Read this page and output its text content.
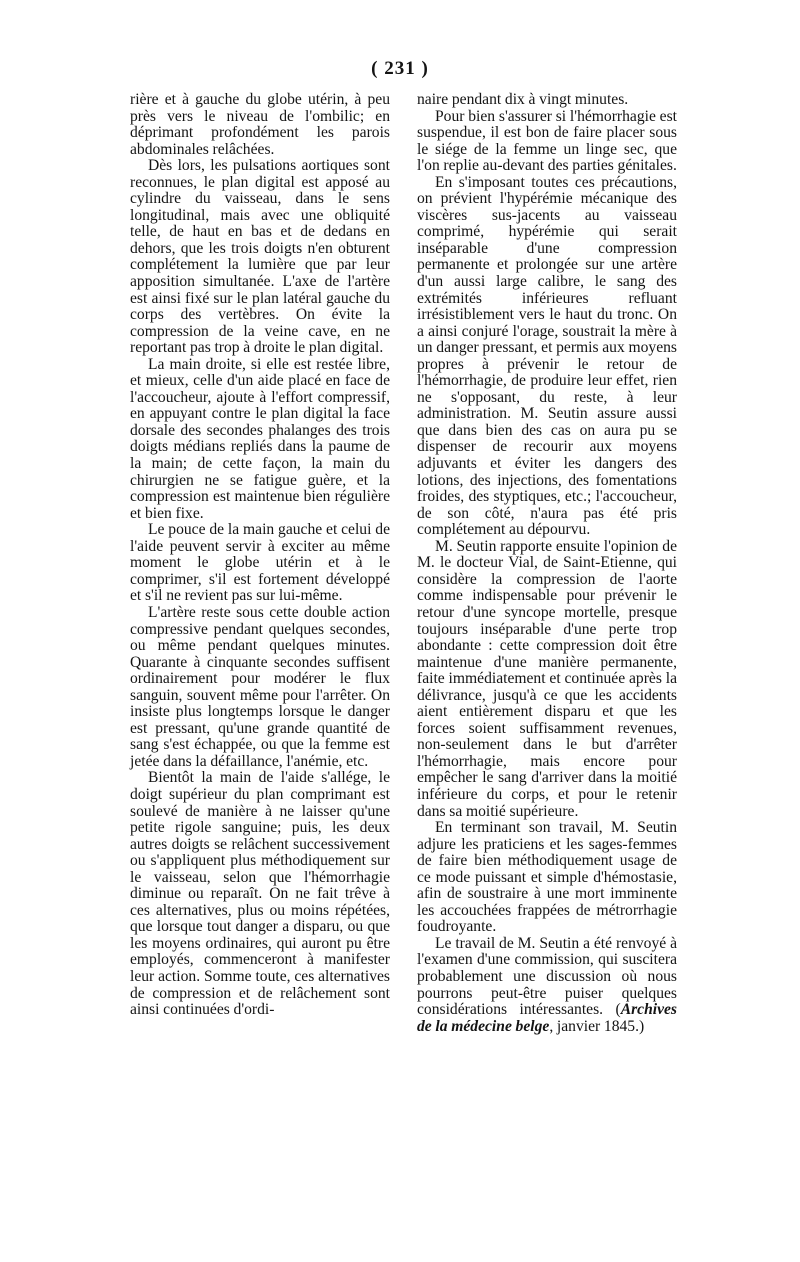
( 231 )

rière et à gauche du globe utérin, à peu près vers le niveau de l'ombilic; en déprimant profondément les parois abdominales relâchées.

Dès lors, les pulsations aortiques sont reconnues, le plan digital est apposé au cylindre du vaisseau, dans le sens longitudinal, mais avec une obliquité telle, de haut en bas et de dedans en dehors, que les trois doigts n'en obturent complétement la lumière que par leur apposition simultanée. L'axe de l'artère est ainsi fixé sur le plan latéral gauche du corps des vertèbres. On évite la compression de la veine cave, en ne reportant pas trop à droite le plan digital.

La main droite, si elle est restée libre, et mieux, celle d'un aide placé en face de l'accoucheur, ajoute à l'effort compressif, en appuyant contre le plan digital la face dorsale des secondes phalanges des trois doigts médians repliés dans la paume de la main; de cette façon, la main du chirurgien ne se fatigue guère, et la compression est maintenue bien régulière et bien fixe.

Le pouce de la main gauche et celui de l'aide peuvent servir à exciter au même moment le globe utérin et à le comprimer, s'il est fortement développé et s'il ne revient pas sur lui-même.

L'artère reste sous cette double action compressive pendant quelques secondes, ou même pendant quelques minutes. Quarante à cinquante secondes suffisent ordinairement pour modérer le flux sanguin, souvent même pour l'arrêter. On insiste plus longtemps lorsque le danger est pressant, qu'une grande quantité de sang s'est échappée, ou que la femme est jetée dans la défaillance, l'anémie, etc.

Bientôt la main de l'aide s'allége, le doigt supérieur du plan comprimant est soulevé de manière à ne laisser qu'une petite rigole sanguine; puis, les deux autres doigts se relâchent successivement ou s'appliquent plus méthodiquement sur le vaisseau, selon que l'hémorrhagie diminue ou reparaît. On ne fait trêve à ces alternatives, plus ou moins répétées, que lorsque tout danger a disparu, ou que les moyens ordinaires, qui auront pu être employés, commenceront à manifester leur action. Somme toute, ces alternatives de compression et de relâchement sont ainsi continuées d'ordi-

naire pendant dix à vingt minutes.

Pour bien s'assurer si l'hémorrhagie est suspendue, il est bon de faire placer sous le siége de la femme un linge sec, que l'on replie au-devant des parties génitales.

En s'imposant toutes ces précautions, on prévient l'hypérémie mécanique des viscères sus-jacents au vaisseau comprimé, hypérémie qui serait inséparable d'une compression permanente et prolongée sur une artère d'un aussi large calibre, le sang des extrémités inférieures refluant irrésistiblement vers le haut du tronc. On a ainsi conjuré l'orage, soustrait la mère à un danger pressant, et permis aux moyens propres à prévenir le retour de l'hémorrhagie, de produire leur effet, rien ne s'opposant, du reste, à leur administration. M. Seutin assure aussi que dans bien des cas on aura pu se dispenser de recourir aux moyens adjuvants et éviter les dangers des lotions, des injections, des fomentations froides, des styptiques, etc.; l'accoucheur, de son côté, n'aura pas été pris complétement au dépourvu.

M. Seutin rapporte ensuite l'opinion de M. le docteur Vial, de Saint-Etienne, qui considère la compression de l'aorte comme indispensable pour prévenir le retour d'une syncope mortelle, presque toujours inséparable d'une perte trop abondante : cette compression doit être maintenue d'une manière permanente, faite immédiatement et continuée après la délivrance, jusqu'à ce que les accidents aient entièrement disparu et que les forces soient suffisamment revenues, non-seulement dans le but d'arrêter l'hémorrhagie, mais encore pour empêcher le sang d'arriver dans la moitié inférieure du corps, et pour le retenir dans sa moitié supérieure.

En terminant son travail, M. Seutin adjure les praticiens et les sages-femmes de faire bien méthodiquement usage de ce mode puissant et simple d'hémostasie, afin de soustraire à une mort imminente les accouchées frappées de métrorrhagie foudroyante.

Le travail de M. Seutin a été renvoyé à l'examen d'une commission, qui suscitera probablement une discussion où nous pourrons peut-être puiser quelques considérations intéressantes. (Archives de la médecine belge, janvier 1845.)
